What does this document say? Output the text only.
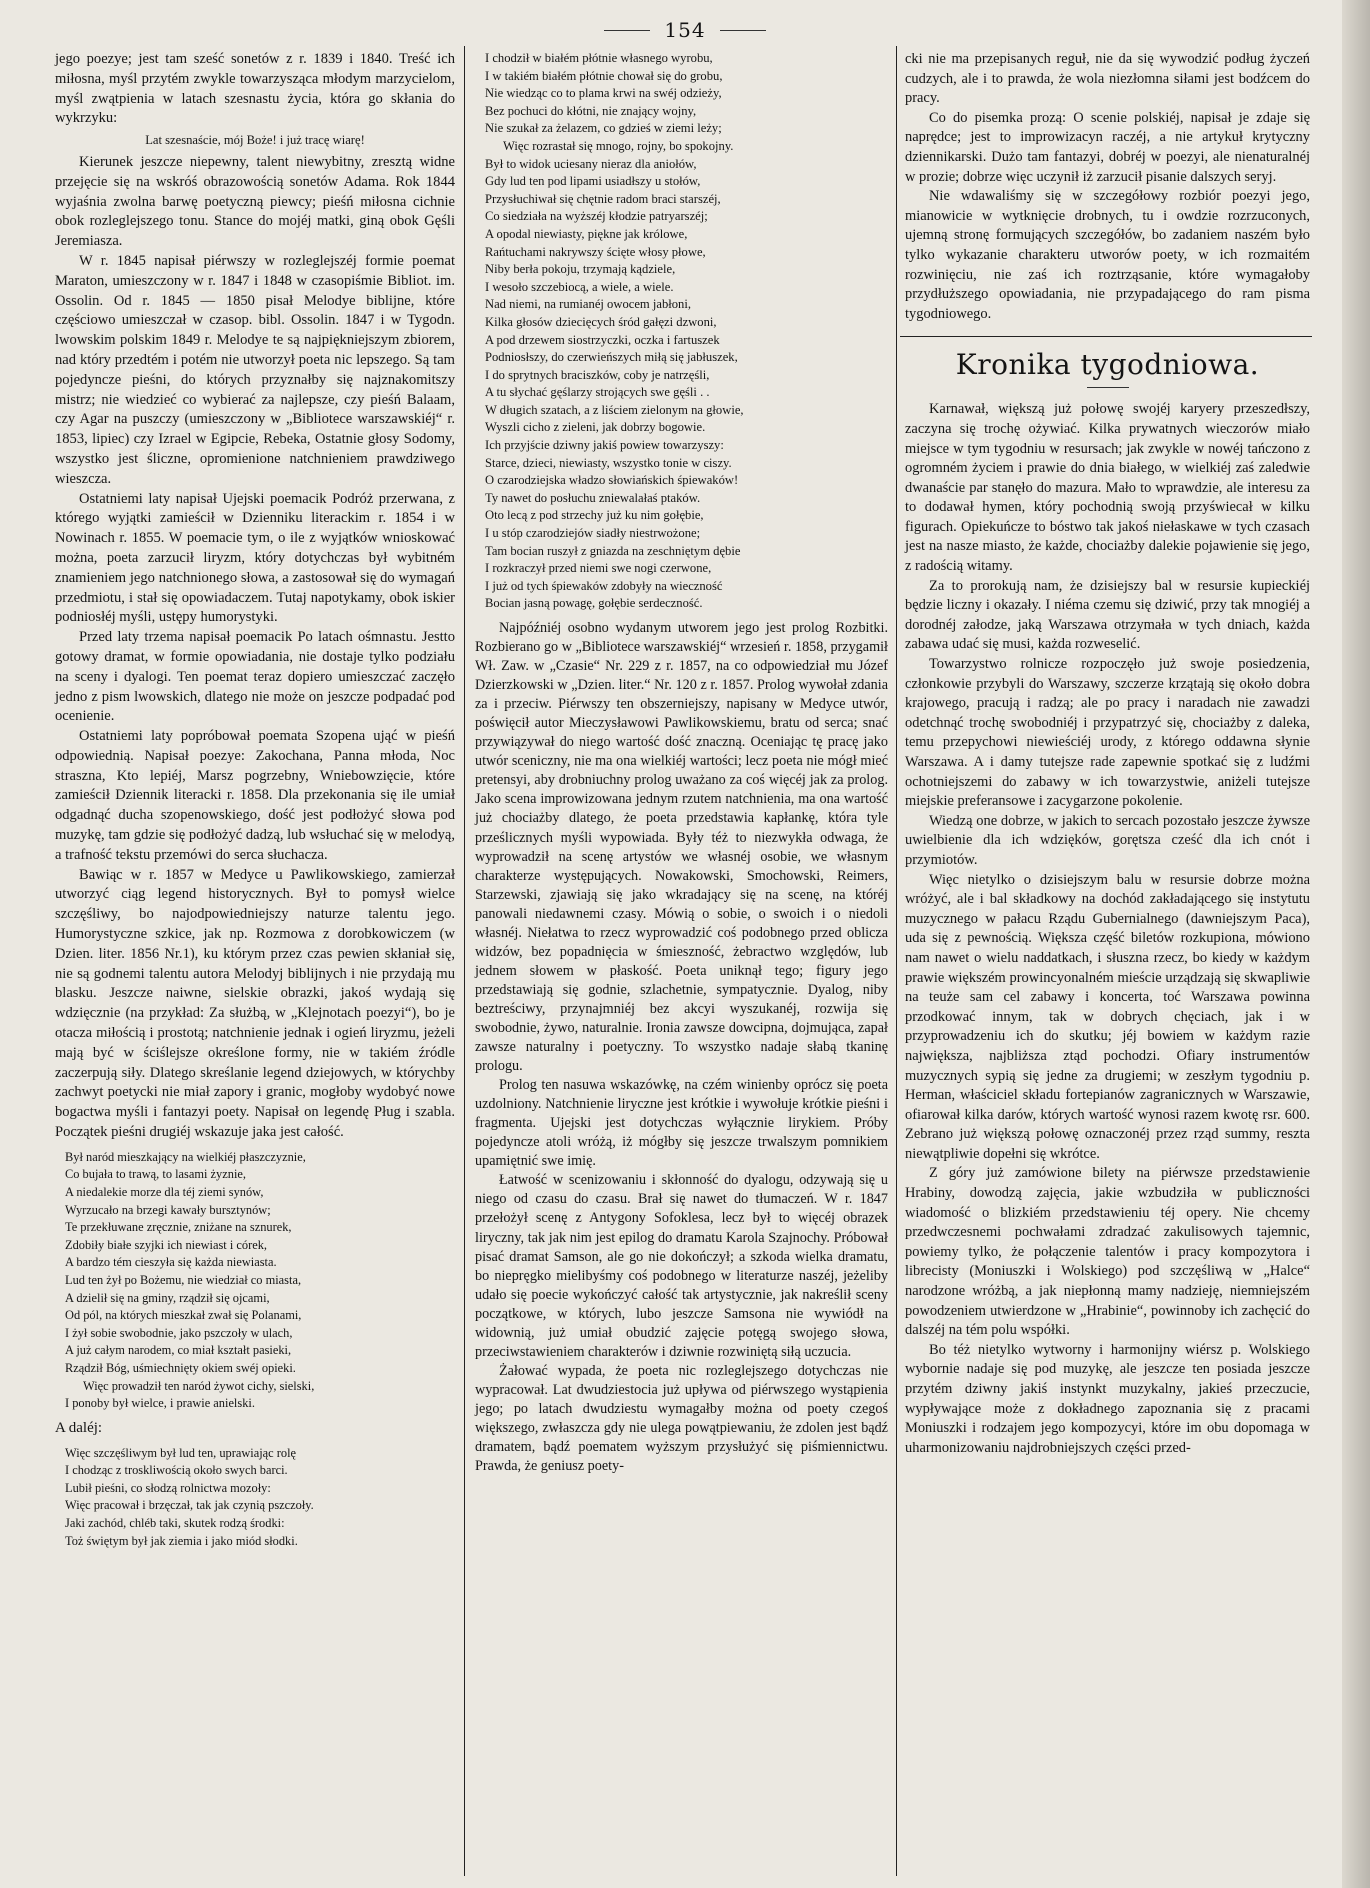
154

jego poezye; jest tam sześć sonetów z r. 1839 i 1840. Treść ich miłosna, myśl przytém zwykle towarzysząca młodym marzycielom, myśl zwątpienia w latach szesnastu życia, która go skłania do wykrzyku:

Lat szesnaście, mój Boże! i już tracę wiarę!

Kierunek jeszcze niepewny, talent niewybitny, zresztą widne przejęcie się na wskróś obrazowością sonetów Adama. Rok 1844 wyjaśnia zwolna barwę poetyczną piewcy; pieśń miłosna cichnie obok rozleglejszego tonu. Stance do mojéj matki, giną obok Gęśli Jeremiasza.

W r. 1845 napisał piérwszy w rozleglejszéj formie poemat Maraton, umieszczony w r. 1847 i 1848 w czasopiśmie Bibliot. im. Ossolin. Od r. 1845 — 1850 pisał Melodye biblijne, które częściowo umieszczał w czasop. bibl. Ossolin. 1847 i w Tygodn. lwowskim polskim 1849 r. Melodye te są najpiękniejszym zbiorem, nad który przedtém i potém nie utworzył poeta nic lepszego. Są tam pojedyncze pieśni, do których przyznałby się najznakomitszy mistrz; nie wiedzieć co wybierać za najlepsze, czy pieśń Balaam, czy Agar na puszczy (umieszczony w „Bibliotece warszawskiéj“ r. 1853, lipiec) czy Izrael w Egipcie, Rebeka, Ostatnie głosy Sodomy, wszystko jest śliczne, opromienione natchnieniem prawdziwego wieszcza.

Ostatniemi laty napisał Ujejski poemacik Podróż przerwana, z którego wyjątki zamieścił w Dzienniku literackim r. 1854 i w Nowinach r. 1855. W poemacie tym, o ile z wyjątków wnioskować można, poeta zarzucił liryzm, który dotychczas był wybitném znamieniem jego natchnionego słowa, a zastosował się do wymagań przedmiotu, i stał się opowiadaczem. Tutaj napotykamy, obok iskier podniosłéj myśli, ustępy humorystyki.

Przed laty trzema napisał poemacik Po latach ośmnastu. Jestto gotowy dramat, w formie opowiadania, nie dostaje tylko podziału na sceny i dyalogi. Ten poemat teraz dopiero umieszczać zaczęło jedno z pism lwowskich, dlatego nie może on jeszcze podpadać pod ocenienie.

Ostatniemi laty popróbował poemata Szopena ująć w pieśń odpowiednią. Napisał poezye: Zakochana, Panna młoda, Noc straszna, Kto lepiéj, Marsz pogrzebny, Wniebowzięcie, które zamieścił Dziennik literacki r. 1858. Dla przekonania się ile umiał odgadnąć ducha szopenowskiego, dość jest podłożyć słowa pod muzykę, tam gdzie się podłożyć dadzą, lub wsłuchać się w melodyą, a trafność tekstu przemówi do serca słuchacza.

Bawiąc w r. 1857 w Medyce u Pawlikowskiego, zamierzał utworzyć ciąg legend historycznych. Był to pomysł wielce szczęśliwy, bo najodpowiedniejszy naturze talentu jego. Humorystyczne szkice, jak np. Rozmowa z dorobkowiczem (w Dzien. liter. 1856 Nr.1), ku którym przez czas pewien skłaniał się, nie są godnemi talentu autora Melodyj biblijnych i nie przydają mu blasku. Jeszcze naiwne, sielskie obrazki, jakoś wydają się wdzięcznie (na przykład: Za służbą, w „Klejnotach poezyi“), bo je otacza miłością i prostotą; natchnienie jednak i ogień liryzmu, jeżeli mają być w ściślejsze określone formy, nie w takiém źródle zaczerpują siły. Dlatego skreślanie legend dziejowych, w którychby zachwyt poetycki nie miał zapory i granic, mogłoby wydobyć nowe bogactwa myśli i fantazyi poety. Napisał on legendę Pług i szabla. Początek pieśni drugiéj wskazuje jaka jest całość.

Był naród mieszkający na wielkiéj płaszczyznie,
Co bujała to trawą, to lasami żyznie,
A niedalekie morze dla téj ziemi synów,
Wyrzucało na brzegi kawały bursztynów;
Te przekłuwane zręcznie, zniżane na sznurek,
Zdobiły białe szyjki ich niewiast i córek,
A bardzo tém cieszyła się każda niewiasta.
Lud ten żył po Bożemu, nie wiedział co miasta,
A dzielił się na gminy, rządził się ojcami,
Od pól, na których mieszkał zwał się Polanami,
I żył sobie swobodnie, jako pszczoły w ulach,
A już całym narodem, co miał kształt pasieki,
Rządził Bóg, uśmiechnięty okiem swéj opieki.
Więc prowadził ten naród żywot cichy, sielski,
I ponoby był wielce, i prawie anielski.

A daléj:

Więc szczęśliwym był lud ten, uprawiając rolę
I chodząc z troskliwością około swych barci.
Lubił pieśni, co słodzą rolnictwa mozoły:
Więc pracował i brzęczał, tak jak czynią pszczoły.
Jaki zachód, chléb taki, skutek rodzą środki:
Toż świętym był jak ziemia i jako miód słodki.
I chodził w białém płótnie własnego wyrobu,
I w takiém białém płótnie chował się do grobu,
Nie wiedząc co to plama krwi na swéj odzieży,
Bez pochuci do kłótni, nie znający wojny,
Nie szukał za żelazem, co gdzieś w ziemi leży;
Więc rozrastał się mnogo, rojny, bo spokojny.
Był to widok uciesany nieraz dla aniołów,
Gdy lud ten pod lipami usiadłszy u stołów,
Przysłuchiwał się chętnie radom braci starszéj,
Co siedziała na wyższéj kłodzie patryarszéj;
A opodal niewiasty, piękne jak królowe,
Rańtuchami nakrywszy ścięte włosy płowe,
Niby berła pokoju, trzymają kądziele,
I wesoło szczebiocą, a wiele, a wiele.
Nad niemi, na rumianéj owocem jabłoni,
Kilka głosów dziecięcych śród gałęzi dzwoni,
A pod drzewem siostrzyczki, oczka i fartuszek
Podniosłszy, do czerwieńszych miłą się jabłuszek,
I do sprytnych braciszków, coby je natrzęśli,
A tu słychać gęślarzy strojących swe gęśli . .
W długich szatach, a z liściem zielonym na głowie,
Wyszli cicho z zieleni, jak dobrzy bogowie.
Ich przyjście dziwny jakiś powiew towarzyszy:
Starce, dzieci, niewiasty, wszystko tonie w ciszy.
O czarodziejska władzo słowiańskich śpiewaków!
Ty nawet do posłuchu zniewalałaś ptaków.
Oto lecą z pod strzechy już ku nim gołębie,
I u stóp czarodziejów siadły niestrwożone;
Tam bocian ruszył z gniazda na zeschniętym dębie
I rozkraczył przed niemi swe nogi czerwone,
I już od tych śpiewaków zdobyły na wieczność
Bocian jasną powagę, gołębie serdeczność.

Najpóźniéj osobno wydanym utworem jego jest prolog Rozbitki. Rozbierano go w „Bibliotece warszawskiéj“ wrzesień r. 1858, przygamił Wł. Zaw. w „Czasie“ Nr. 229 z r. 1857, na co odpowiedział mu Józef Dzierzkowski w „Dzien. liter.“ Nr. 120 z r. 1857. Prolog wywołał zdania za i przeciw. Piérwszy ten obszerniejszy, napisany w Medyce utwór, poświęcił autor Mieczysławowi Pawlikowskiemu, bratu od serca; snać przywiązywał do niego wartość dość znaczną. Oceniając tę pracę jako utwór sceniczny, nie ma ona wielkiéj wartości; lecz poeta nie mógł mieć pretensyi, aby drobniuchny prolog uważano za coś więcéj jak za prolog. Jako scena improwizowana jednym rzutem natchnienia, ma ona wartość już chociażby dlatego, że poeta przedstawia kapłankę, która tyle prześlicznych myśli wypowiada. Były téż to niezwykła odwaga, że wyprowadził na scenę artystów we własnéj osobie, we własnym charakterze występujących. Nowakowski, Smochowski, Reimers, Starzewski, zjawiają się jako wkradający się na scenę, na któréj panowali niedawnemi czasy. Mówią o sobie, o swoich i o niedoli własnéj. Niełatwa to rzecz wyprowadzić coś podobnego przed oblicza widzów, bez popadnięcia w śmieszność, żebractwo względów, lub jednem słowem w płaskość. Poeta uniknął tego; figury jego przedstawiają się godnie, szlachetnie, sympatycznie. Dyalog, niby beztreściwy, przynajmniéj bez akcyi wyszukanéj, rozwija się swobodnie, żywo, naturalnie. Ironia zawsze dowcipna, dojmująca, zapał zawsze naturalny i poetyczny. To wszystko nadaje słabą tkaninę prologu.

Prolog ten nasuwa wskazówkę, na czém winienby oprócz się poeta uzdolniony. Natchnienie liryczne jest krótkie i wywołuje krótkie pieśni i fragmenta. Ujejski jest dotychczas wyłącznie lirykiem. Próby pojedyncze atoli wróżą, iż mógłby się jeszcze trwalszym pomnikiem upamiętnić swe imię.

Łatwość w scenizowaniu i skłonność do dyalogu, odzywają się u niego od czasu do czasu. Brał się nawet do tłumaczeń. W r. 1847 przełożył scenę z Antygony Sofoklesa, lecz był to więcéj obrazek liryczny, tak jak nim jest epilog do dramatu Karola Szajnochy. Próbował pisać dramat Samson, ale go nie dokończył; a szkoda wielka dramatu, bo niepręgko mielibyśmy coś podobnego w literaturze naszéj, jeżeliby udało się poecie wykończyć całość tak artystycznie, jak nakreślił sceny początkowe, w których, lubo jeszcze Samsona nie wywiódł na widownią, już umiał obudzić zajęcie potęgą swojego słowa, przeciwstawieniem charakterów i dziwnie rozwiniętą siłą uczucia.

Żałować wypada, że poeta nic rozleglejszego dotychczas nie wypracował. Lat dwudziestocia już upływa od piérwszego wystąpienia jego; po latach dwudziestu wymagałby można od poety czegoś większego, zwłaszcza gdy nie ulega powątpiewaniu, że zdolen jest bądź dramatem, bądź poematem wyższym przysłużyć się piśmiennictwu. Prawda, że geniusz poety-

cki nie ma przepisanych reguł, nie da się wywodzić podług życzeń cudzych, ale i to prawda, że wola niezłomna siłami jest bodźcem do pracy.

Co do pisemka prozą: O scenie polskiéj, napisał je zdaje się naprędce; jest to improwizacyn raczéj, a nie artykuł krytyczny dziennikarski. Dużo tam fantazyi, dobréj w poezyi, ale nienaturalnéj w prozie; dobrze więc uczynił iż zarzucił pisanie dalszych seryj.

Nie wdawaliśmy się w szczegółowy rozbiór poezyi jego, mianowicie w wytknięcie drobnych, tu i owdzie rozrzuconych, ujemną stronę formujących szczegółów, bo zadaniem naszém było tylko wykazanie charakteru utworów poety, w ich rozmaitém rozwinięciu, nie zaś ich roztrząsanie, które wymagałoby przydłuższego opowiadania, nie przypadającego do ram pisma tygodniowego.

Kronika tygodniowa.

Karnawał, większą już połowę swojéj karyery przeszedłszy, zaczyna się trochę ożywiać. Kilka prywatnych wieczorów miało miejsce w tym tygodniu w resursach; jak zwykle w nowéj tańczono z ogromném życiem i prawie do dnia białego, w wielkiéj zaś zaledwie dwanaście par stanęło do mazura. Mało to wprawdzie, ale interesu za to dodawał hymen, który pochodnią swoją przyświecał w kilku figurach. Opiekuńcze to bóstwo tak jakoś niełaskawe w tych czasach jest na nasze miasto, że każde, chociażby dalekie pojawienie się jego, z radością witamy.

Za to prorokują nam, że dzisiejszy bal w resursie kupieckiéj będzie liczny i okazały. I niéma czemu się dziwić, przy tak mnogiéj a dorodnéj załodze, jaką Warszawa otrzymała w tych dniach, każda zabawa udać się musi, każda rozweselić.

Towarzystwo rolnicze rozpoczęło już swoje posiedzenia, członkowie przybyli do Warszawy, szczerze krzątają się około dobra krajowego, pracują i radzą; ale po pracy i naradach nie zawadzi odetchnąć trochę swobodniéj i przypatrzyć się, chociażby z daleka, temu przepychowi niewieściéj urody, z którego oddawna słynie Warszawa. A i damy tutejsze rade zapewnie spotkać się z ludźmi ochotniejszemi do zabawy w ich towarzystwie, aniżeli tutejsze miejskie preferansowe i zacygarzone pokolenie.

Wiedzą one dobrze, w jakich to sercach pozostało jeszcze żywsze uwielbienie dla ich wdzięków, gorętsza cześć dla ich cnót i przymiotów.

Więc nietylko o dzisiejszym balu w resursie dobrze można wróżyć, ale i bal składkowy na dochód zakładającego się instytutu muzycznego w pałacu Rządu Gubernialnego (dawniejszym Paca), uda się z pewnością. Większa część biletów rozkupiona, mówiono nam nawet o wielu naddatkach, i słuszna rzecz, bo kiedy w każdym prawie większém prowincyonalném mieście urządzają się skwapliwie na teuże sam cel zabawy i koncerta, toć Warszawa powinna przodkować innym, tak w dobrych chęciach, jak i w przyprowadzeniu ich do skutku; jéj bowiem w każdym razie największa, najbliższa ztąd pochodzi. Ofiary instrumentów muzycznych sypią się jedne za drugiemi; w zeszłym tygodniu p. Herman, właściciel składu fortepianów zagranicznych w Warszawie, ofiarował kilka darów, których wartość wynosi razem kwotę rsr. 600. Zebrano już większą połowę oznaczonéj przez rząd summy, reszta niewątpliwie dopełni się wkrótce.

Z góry już zamówione bilety na piérwsze przedstawienie Hrabiny, dowodzą zajęcia, jakie wzbudziła w publiczności wiadomość o blizkiém przedstawieniu téj opery. Nie chcemy przedwczesnemi pochwałami zdradzać zakulisowych tajemnic, powiemy tylko, że połączenie talentów i pracy kompozytora i librecisty (Moniuszki i Wolskiego) pod szczęśliwą w „Halce“ narodzone wróżbą, a jak niepłonną mamy nadzieję, niemniejszém powodzeniem utwierdzone w „Hrabinie“, powinnoby ich zachęcić do dalszéj na tém polu współki.

Bo téż nietylko wytworny i harmonijny wiérsz p. Wolskiego wybornie nadaje się pod muzykę, ale jeszcze ten posiada jeszcze przytém dziwny jakiś instynkt muzykalny, jakieś przeczucie, wypływające może z dokładnego zapoznania się z pracami Moniuszki i rodzajem jego kompozycyi, które im obu dopomaga w uharmonizowaniu najdrobniejszych części przed-
